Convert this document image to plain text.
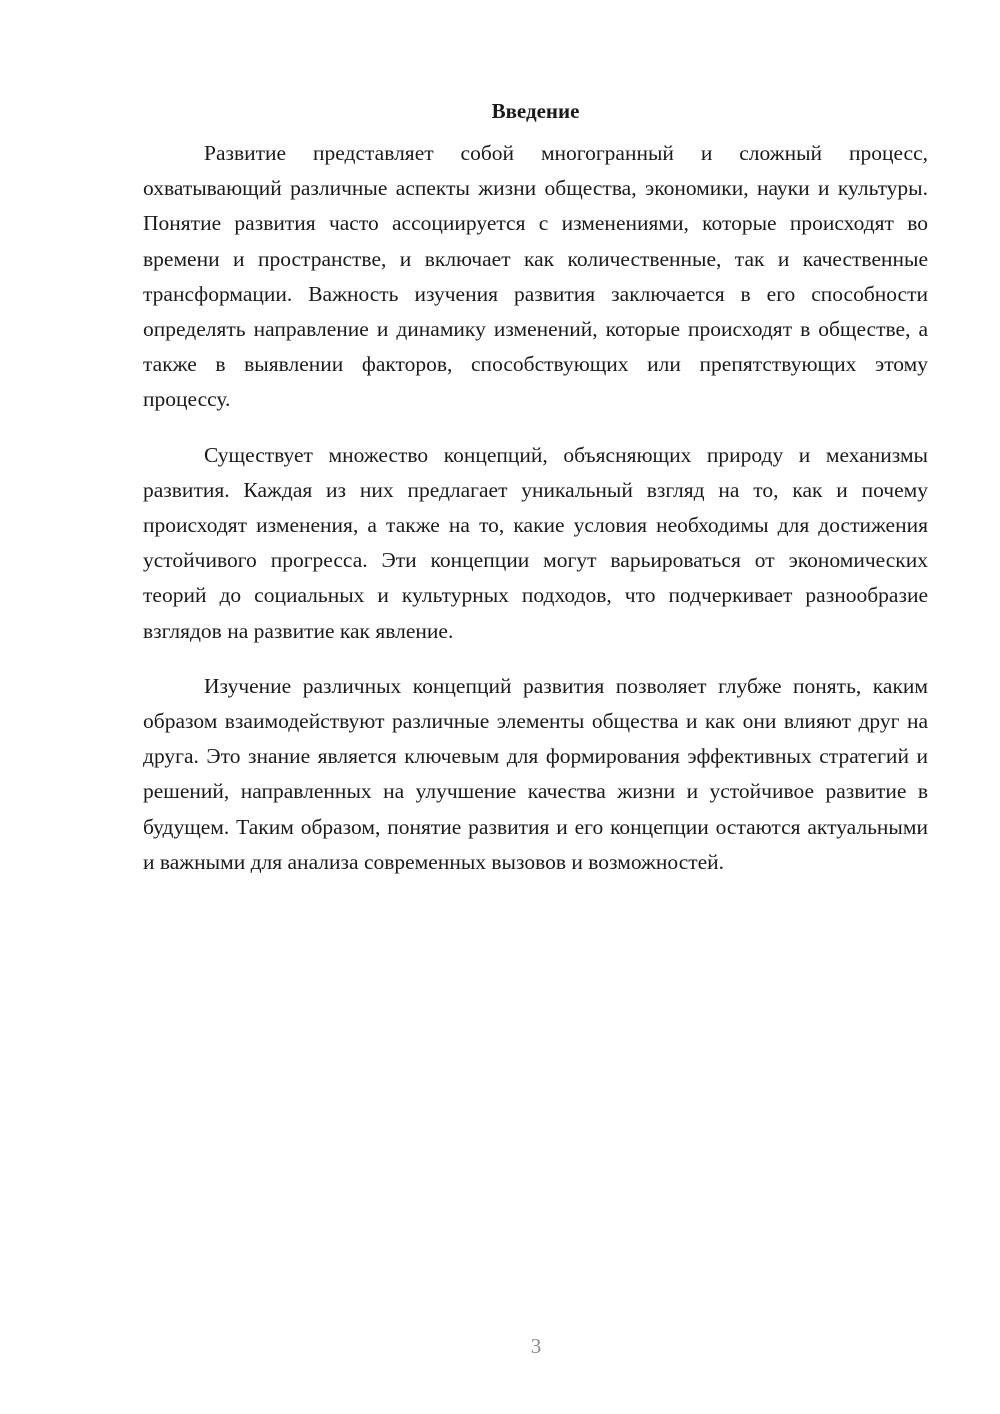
Введение

Развитие представляет собой многогранный и сложный процесс, охватывающий различные аспекты жизни общества, экономики, науки и культуры. Понятие развития часто ассоциируется с изменениями, которые происходят во времени и пространстве, и включает как количественные, так и качественные трансформации. Важность изучения развития заключается в его способности определять направление и динамику изменений, которые происходят в обществе, а также в выявлении факторов, способствующих или препятствующих этому процессу.

Существует множество концепций, объясняющих природу и механизмы развития. Каждая из них предлагает уникальный взгляд на то, как и почему происходят изменения, а также на то, какие условия необходимы для достижения устойчивого прогресса. Эти концепции могут варьироваться от экономических теорий до социальных и культурных подходов, что подчеркивает разнообразие взглядов на развитие как явление.

Изучение различных концепций развития позволяет глубже понять, каким образом взаимодействуют различные элементы общества и как они влияют друг на друга. Это знание является ключевым для формирования эффективных стратегий и решений, направленных на улучшение качества жизни и устойчивое развитие в будущем. Таким образом, понятие развития и его концепции остаются актуальными и важными для анализа современных вызовов и возможностей.

3
